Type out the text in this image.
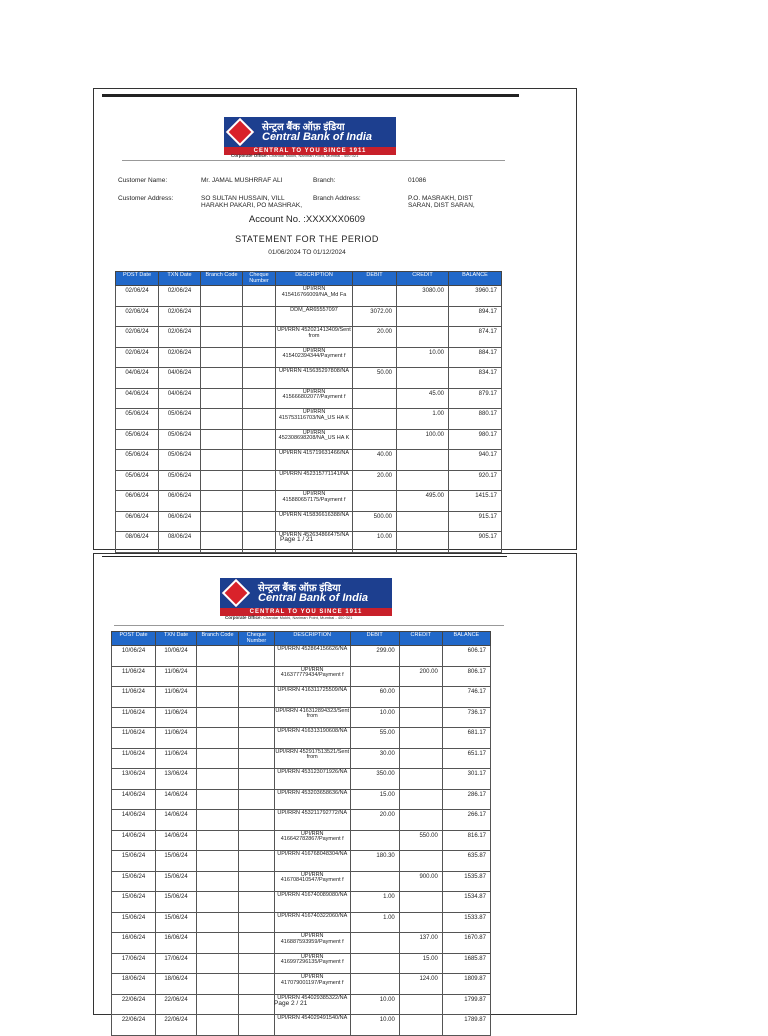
सेन्ट्रल बैंक ऑफ़ इंडिया
Central Bank of India
CENTRAL TO YOU SINCE 1911
Corporate Office: Chandar Mukhi, Nariman Point, Mumbai - 400 021
Customer Name:	Mr. JAMAL MUSHRRAF ALI	Branch:	01086
Customer Address:	SO SULTAN HUSSAIN, VILL
HARAKH PAKARI, PO MASHRAK,
Branch Address:	P.O. MASRAKH, DIST
SARAN, DIST SARAN,
Account No. :XXXXXX0609
STATEMENT FOR THE PERIOD
01/06/2024 TO 01/12/2024
POST Date	TXN Date	Branch Code	Cheque Number	DESCRIPTION	DEBIT	CREDIT	BALANCE
02/06/24	02/06/24			UPI/RRN 415416766009/NA_Md Fa		3080.00	3960.17
02/06/24	02/06/24			DDM_AR65557097	3072.00		894.17
02/06/24	02/06/24			UPI/RRN 452021413409/Sent from	20.00		874.17
02/06/24	02/06/24			UPI/RRN 415402394344/Payment f		10.00	884.17
04/06/24	04/06/24			UPI/RRN 415635297808/NA	50.00		834.17
04/06/24	04/06/24			UPI/RRN 415666802077/Payment f		45.00	879.17
05/06/24	05/06/24			UPI/RRN 415753116703/NA_US HA K		1.00	880.17
05/06/24	05/06/24			UPI/RRN 452308698208/NA_US HA K		100.00	980.17
05/06/24	05/06/24			UPI/RRN 415719631466/NA	40.00		940.17
05/06/24	05/06/24			UPI/RRN 452315771141/NA	20.00		920.17
06/06/24	06/06/24			UPI/RRN 415880657175/Payment f		495.00	1415.17
06/06/24	06/06/24			UPI/RRN 415836616388/NA	500.00		915.17
08/06/24	08/06/24			UPI/RRN 452634866475/NA	10.00		905.17
Page 1 / 21
सेन्ट्रल बैंक ऑफ़ इंडिया
Central Bank of India
CENTRAL TO YOU SINCE 1911
Corporate Office: Chandar Mukhi, Nariman Point, Mumbai - 400 021
POST Date	TXN Date	Branch Code	Cheque Number	DESCRIPTION	DEBIT	CREDIT	BALANCE
10/06/24	10/06/24			UPI/RRN 452864156626/NA	299.00		606.17
11/06/24	11/06/24			UPI/RRN 416377779434/Payment f		200.00	806.17
11/06/24	11/06/24			UPI/RRN 416311725509/NA	60.00		746.17
11/06/24	11/06/24			UPI/RRN 416312894323/Sent from	10.00		736.17
11/06/24	11/06/24			UPI/RRN 416313190608/NA	55.00		681.17
11/06/24	11/06/24			UPI/RRN 452917513521/Sent from	30.00		651.17
13/06/24	13/06/24			UPI/RRN 453123071926/NA	350.00		301.17
14/06/24	14/06/24			UPI/RRN 453203658636/NA	15.00		286.17
14/06/24	14/06/24			UPI/RRN 453211792772/NA	20.00		266.17
14/06/24	14/06/24			UPI/RRN 416642782867/Payment f		550.00	816.17
15/06/24	15/06/24			UPI/RRN 416768048304/NA	180.30		635.87
15/06/24	15/06/24			UPI/RRN 416708410547/Payment f		900.00	1535.87
15/06/24	15/06/24			UPI/RRN 416740089080/NA	1.00		1534.87
15/06/24	15/06/24			UPI/RRN 416740322060/NA	1.00		1533.87
16/06/24	16/06/24			UPI/RRN 416887593959/Payment f		137.00	1670.87
17/06/24	17/06/24			UPI/RRN 416997296135/Payment f		15.00	1685.87
18/06/24	18/06/24			UPI/RRN 417079001197/Payment f		124.00	1809.87
22/06/24	22/06/24			UPI/RRN 454029385322/NA	10.00		1799.87
22/06/24	22/06/24			UPI/RRN 454029491540/NA	10.00		1789.87
Page 2 / 21
